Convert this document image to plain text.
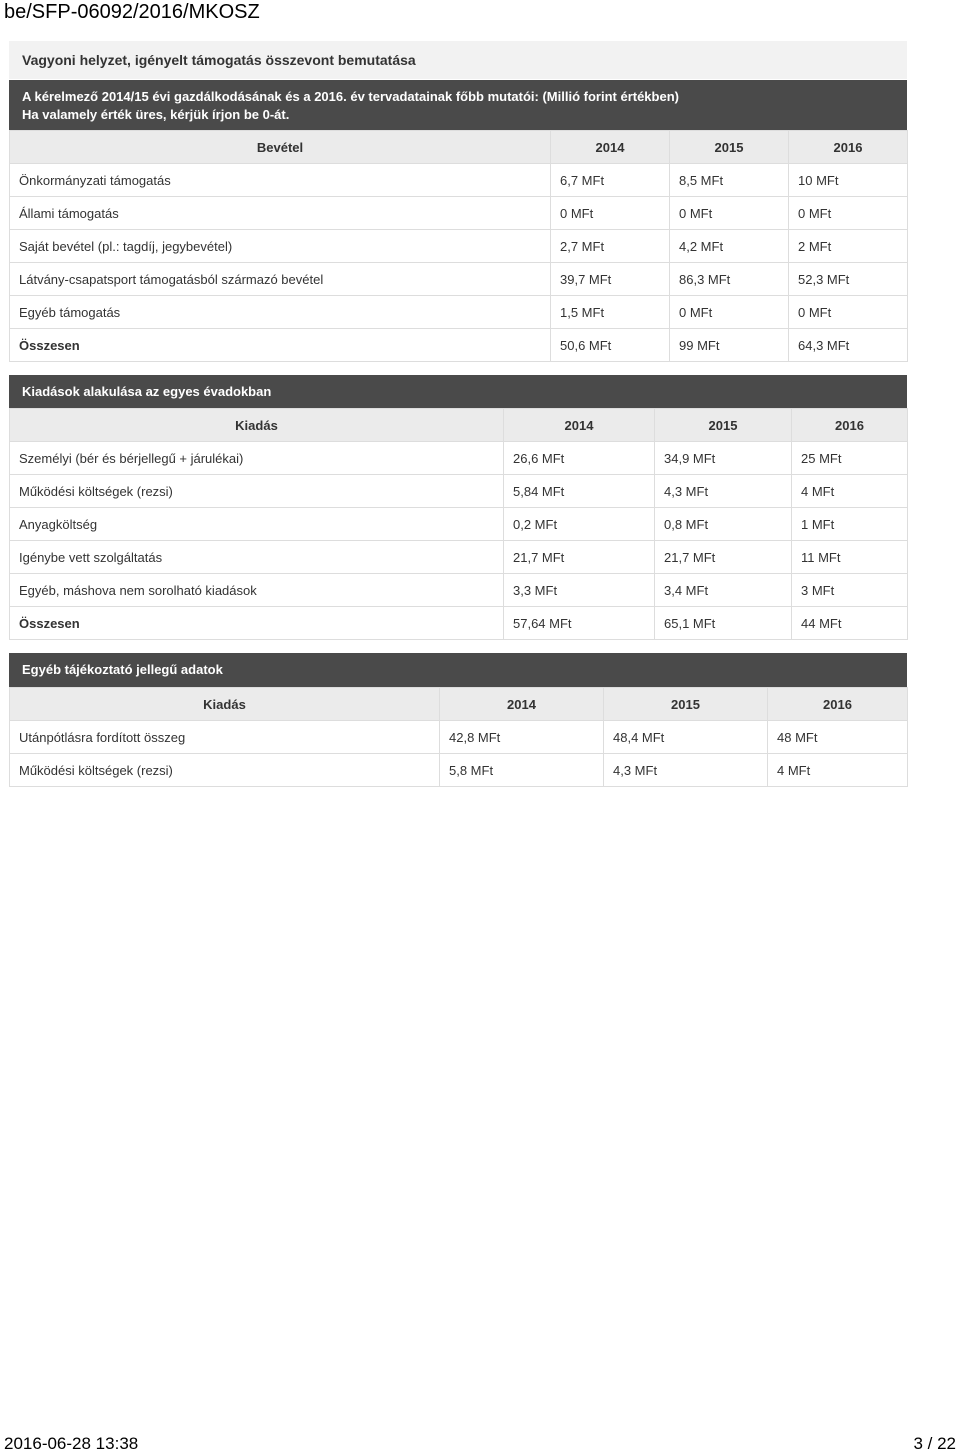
be/SFP-06092/2016/MKOSZ
Vagyoni helyzet, igényelt támogatás összevont bemutatása
A kérelmező 2014/15 évi gazdálkodásának és a 2016. év tervadatainak főbb mutatói: (Millió forint értékben)
Ha valamely érték üres, kérjük írjon be 0-át.
Bevétel	2014	2015	2016
Önkormányzati támogatás	6,7 MFt	8,5 MFt	10 MFt
Állami támogatás	0 MFt	0 MFt	0 MFt
Saját bevétel (pl.: tagdíj, jegybevétel)	2,7 MFt	4,2 MFt	2 MFt
Látvány-csapatsport támogatásból származó bevétel	39,7 MFt	86,3 MFt	52,3 MFt
Egyéb támogatás	1,5 MFt	0 MFt	0 MFt
Összesen	50,6 MFt	99 MFt	64,3 MFt
Kiadások alakulása az egyes évadokban
Kiadás	2014	2015	2016
Személyi (bér és bérjellegű + járulékai)	26,6 MFt	34,9 MFt	25 MFt
Működési költségek (rezsi)	5,84 MFt	4,3 MFt	4 MFt
Anyagköltség	0,2 MFt	0,8 MFt	1 MFt
Igénybe vett szolgáltatás	21,7 MFt	21,7 MFt	11 MFt
Egyéb, máshova nem sorolható kiadások	3,3 MFt	3,4 MFt	3 MFt
Összesen	57,64 MFt	65,1 MFt	44 MFt
Egyéb tájékoztató jellegű adatok
Kiadás	2014	2015	2016
Utánpótlásra fordított összeg	42,8 MFt	48,4 MFt	48 MFt
Működési költségek (rezsi)	5,8 MFt	4,3 MFt	4 MFt
2016-06-28 13:38	3 / 22
